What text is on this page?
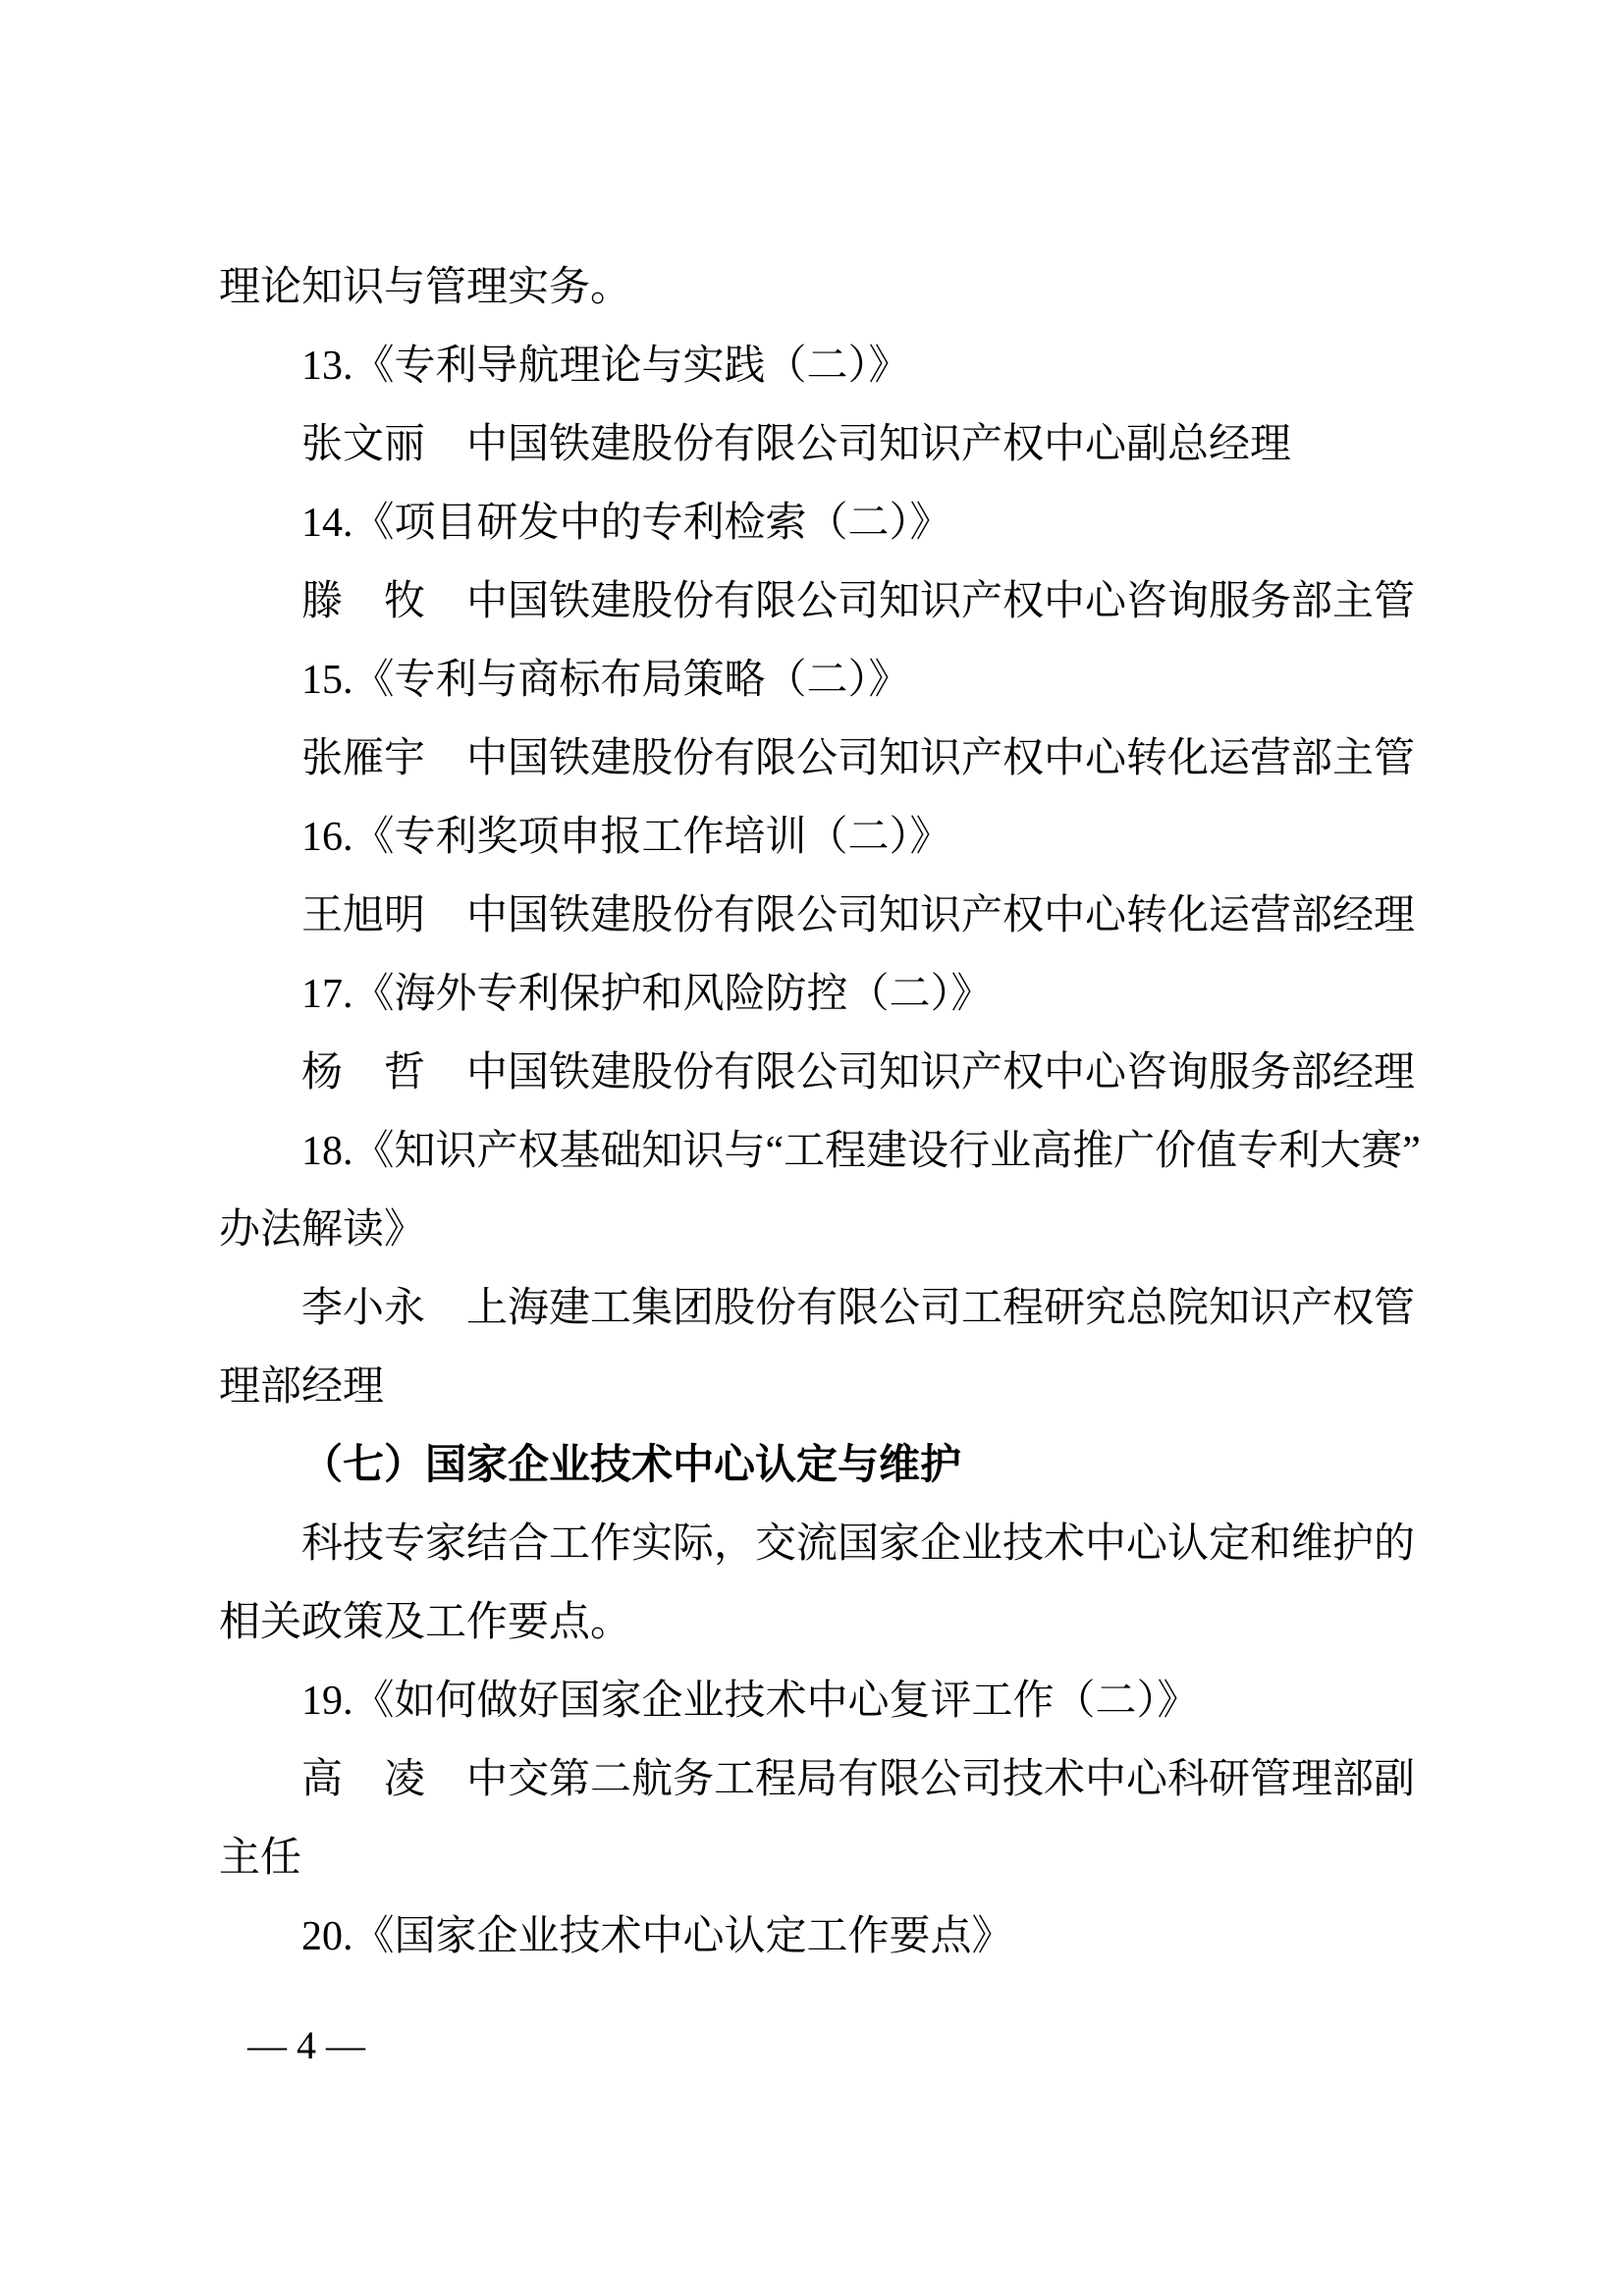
理论知识与管理实务。
13.《专利导航理论与实践（二）》
张文丽　中国铁建股份有限公司知识产权中心副总经理
14.《项目研发中的专利检索（二）》
滕　牧　中国铁建股份有限公司知识产权中心咨询服务部主管
15.《专利与商标布局策略（二）》
张雁宇　中国铁建股份有限公司知识产权中心转化运营部主管
16.《专利奖项申报工作培训（二）》
王旭明　中国铁建股份有限公司知识产权中心转化运营部经理
17.《海外专利保护和风险防控（二）》
杨　哲　中国铁建股份有限公司知识产权中心咨询服务部经理
18.《知识产权基础知识与“工程建设行业高推广价值专利大赛”
办法解读》
李小永　上海建工集团股份有限公司工程研究总院知识产权管
理部经理
（七）国家企业技术中心认定与维护
科技专家结合工作实际，交流国家企业技术中心认定和维护的
相关政策及工作要点。
19.《如何做好国家企业技术中心复评工作（二）》
高　凌　中交第二航务工程局有限公司技术中心科研管理部副
主任
20.《国家企业技术中心认定工作要点》
— 4 —
